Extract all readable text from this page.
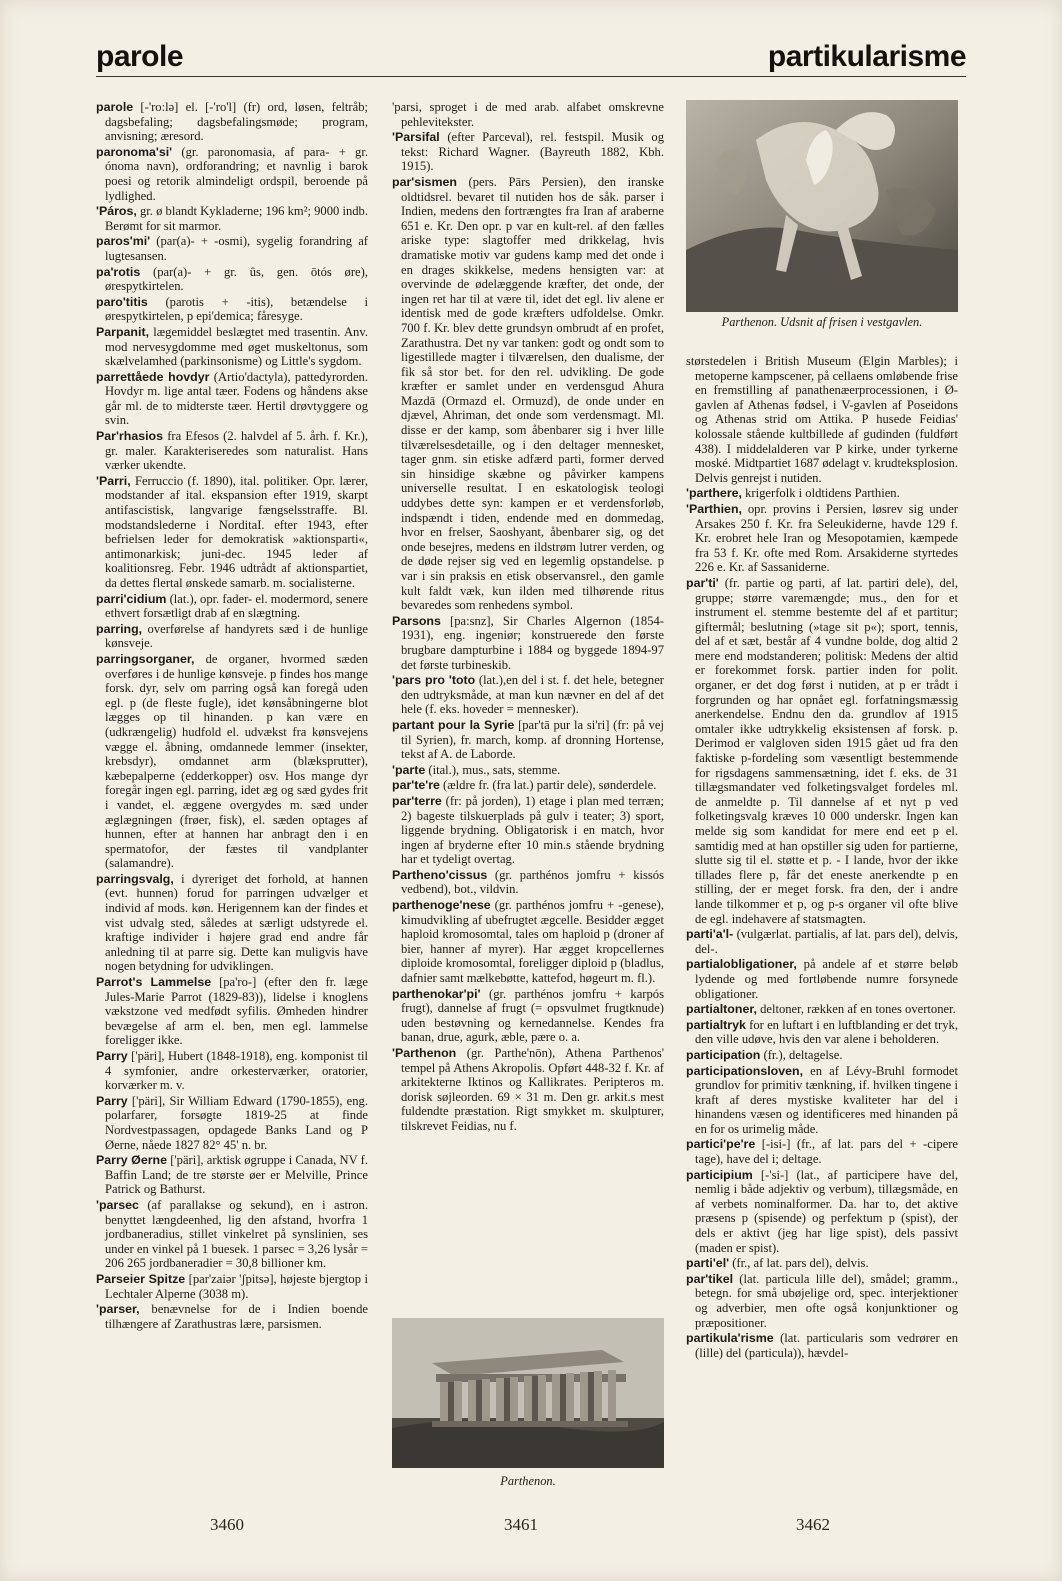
parole	partikularisme
parole [-'ro:lə] el. [-'ro'l] (fr) ord, løsen, feltråb; dagsbefaling; dagsbefalingsmøde; program, anvisning; æresord.
paronoma'si' (gr. paronomasia, af para- + gr. ónoma navn), ordforandring; et navnlig i barok poesi og retorik almindeligt ordspil, beroende på lydlighed.
'Páros, gr. ø blandt Kykladerne; 196 km²; 9000 indb. Berømt for sit marmor.
paros'mi' (par(a)- + -osmi), sygelig forandring af lugtesansen.
pa'rotis (par(a)- + gr. ûs, gen. ōtós øre), ørespytkirtelen.
paro'titis (parotis + -itis), betændelse i ørespytkirtelen, p epi'demica; fåresyge.
Parpanit, lægemiddel beslægtet med trasentin. Anv. mod nervesygdomme med øget muskeltonus, som skælvelamhed (parkinsonisme) og Little's sygdom.
parrettåede hovdyr (Artio'dactyla), pattedyrorden. Hovdyr m. lige antal tæer. Fodens og håndens akse går ml. de to midterste tæer. Hertil drøvtyggere og svin.
Par'rhasios fra Efesos (2. halvdel af 5. årh. f. Kr.), gr. maler. Karakteriseredes som naturalist. Hans værker ukendte.
'Parri, Ferruccio (f. 1890), ital. politiker. Opr. lærer, modstander af ital. ekspansion efter 1919, skarpt antifascistisk, langvarige fængselsstraffe. Bl. modstandslederne i NorditaI. efter 1943, efter befrielsen leder for demokratisk »aktionsparti«, antimonarkisk; juni-dec. 1945 leder af koalitionsreg. Febr. 1946 udtrådt af aktionspartiet, da dettes flertal ønskede samarb. m. socialisterne.
parri'cidium (lat.), opr. fader- el. modermord, senere ethvert forsætligt drab af en slægtning.
parring, overførelse af handyrets sæd i de hunlige kønsveje.
parringsorganer, de organer, hvormed sæden overføres i de hunlige kønsveje. p findes hos mange forsk. dyr, selv om parring også kan foregå uden egl. p (de fleste fugle), idet kønsåbningerne blot lægges op til hinanden. p kan være en (udkrængelig) hudfold el. udvækst fra kønsvejens vægge el. åbning, omdannede lemmer (insekter, krebsdyr), omdannet arm (blæksprutter), kæbepalperne (edderkopper) osv. Hos mange dyr foregår ingen egl. parring, idet æg og sæd gydes frit i vandet, el. æggene overgydes m. sæd under æglægningen (frøer, fisk), el. sæden optages af hunnen, efter at hannen har anbragt den i en spermatofor, der fæstes til vandplanter (salamandre).
parringsvalg, i dyreriget det forhold, at hannen (evt. hunnen) forud for parringen udvælger et individ af mods. køn. Herigennem kan der findes et vist udvalg sted, således at særligt udstyrede el. kraftige individer i højere grad end andre får anledning til at parre sig. Dette kan muligvis have nogen betydning for udviklingen.
Parrot's Lammelse [pa'ro-] (efter den fr. læge Jules-Marie Parrot (1829-83)), lidelse i knoglens vækstzone ved medfødt syfilis. Ømheden hindrer bevægelse af arm el. ben, men egl. lammelse foreligger ikke.
Parry ['päri], Hubert (1848-1918), eng. komponist til 4 symfonier, andre orkesterværker, oratorier, korværker m. v.
Parry ['päri], Sir William Edward (1790-1855), eng. polarfarer, forsøgte 1819-25 at finde Nordvestpassagen, opdagede Banks Land og P Øerne, nåede 1827 82° 45' n. br.
Parry Øerne ['päri], arktisk øgruppe i Canada, NV f. Baffin Land; de tre største øer er Melville, Prince Patrick og Bathurst.
'parsec (af parallakse og sekund), en i astron. benyttet længdeenhed, lig den afstand, hvorfra 1 jordbaneradius, stillet vinkelret på synslinien, ses under en vinkel på 1 buesek. 1 parsec = 3,26 lysår = 206 265 jordbaneradier = 30,8 billioner km.
Parseier Spitze [par'zaiər 'ʃpitsə], højeste bjergtop i Lechtaler Alperne (3038 m).
'parser, benævnelse for de i Indien boende tilhængere af Zarathustras lære, parsismen.
'parsi, sproget i de med arab. alfabet omskrevne pehlevitekster.
'Parsifal (efter Parceval), rel. festspil. Musik og tekst: Richard Wagner. (Bayreuth 1882, Kbh. 1915).
par'sismen (pers. Pārs Persien), den iranske oldtidsrel. bevaret til nutiden hos de såk. parser i Indien, medens den fortrængtes fra Iran af araberne 651 e. Kr. Den opr. p var en kult-rel. af den fælles ariske type: slagtoffer med drikkelag, hvis dramatiske motiv var gudens kamp med det onde i en drages skikkelse, medens hensigten var: at overvinde de ødelæggende kræfter, det onde, der ingen ret har til at være til, idet det egl. liv alene er identisk med de gode kræfters udfoldelse. Omkr. 700 f. Kr. blev dette grundsyn ombrudt af en profet, Zarathustra. Det ny var tanken: godt og ondt som to ligestillede magter i tilværelsen, den dualisme, der fik så stor bet. for den rel. udvikling. De gode kræfter er samlet under en verdensgud Ahura Mazdā (Ormazd el. Ormuzd), de onde under en djævel, Ahriman, det onde som verdensmagt. Ml. disse er der kamp, som åbenbarer sig i hver lille tilværelsesdetaille, og i den deltager mennesket, tager gnm. sin etiske adfærd parti, former derved sin hinsidige skæbne og påvirker kampens universelle resultat. I en eskatologisk teologi uddybes dette syn: kampen er et verdensforløb, indspændt i tiden, endende med en dommedag, hvor en frelser, Saoshyant, åbenbarer sig, og det onde besejres, medens en ildstrøm lutrer verden, og de døde rejser sig ved en legemlig opstandelse. p var i sin praksis en etisk observansrel., den gamle kult faldt væk, kun ilden med tilhørende ritus bevaredes som renhedens symbol.
Parsons [pa:snz], Sir Charles Algernon (1854-1931), eng. ingeniør; konstruerede den første brugbare dampturbine i 1884 og byggede 1894-97 det første turbineskib.
'pars pro 'toto (lat.),en del i st. f. det hele, betegner den udtryksmåde, at man kun nævner en del af det hele (f. eks. hoveder = mennesker).
partant pour la Syrie [par'tā pur la si'ri] (fr: på vej til Syrien), fr. march, komp. af dronning Hortense, tekst af A. de Laborde.
'parte (ital.), mus., sats, stemme.
par'te're (ældre fr. (fra lat.) partir dele), sønderdele.
par'terre (fr: på jorden), 1) etage i plan med terræn; 2) bageste tilskuerplads på gulv i teater; 3) sport, liggende brydning. Obligatorisk i en match, hvor ingen af bryderne efter 10 min.s stående brydning har et tydeligt overtag.
Partheno'cissus (gr. parthénos jomfru + kissós vedbend), bot., vildvin.
parthenoge'nese (gr. parthénos jomfru + -genese), kimudvikling af ubefrugtet ægcelle. Besidder ægget haploid kromosomtal, tales om haploid p (droner af bier, hanner af myrer). Har ægget kropcellernes diploide kromosomtal, foreligger diploid p (bladlus, dafnier samt mælkebøtte, kattefod, høgeurt m. fl.).
parthenokar'pi' (gr. parthénos jomfru + karpós frugt), dannelse af frugt (= opsvulmet frugtknude) uden bestøvning og kernedannelse. Kendes fra banan, drue, agurk, æble, pære o. a.
'Parthenon (gr. Parthe'nōn), Athena Parthenos' tempel på Athens Akropolis. Opført 448-32 f. Kr. af arkitekterne Iktinos og Kallikrates. Peripteros m. dorisk søjleorden. 69 × 31 m. Den gr. arkit.s mest fuldendte præstation. Rigt smykket m. skulpturer, tilskrevet Feidias, nu f.
størstedelen i British Museum (Elgin Marbles); i metoperne kampscener, på cellaens omløbende frise en fremstilling af panathenæerprocessionen, i Ø-gavlen af Athenas fødsel, i V-gavlen af Poseidons og Athenas strid om Attika. P husede Feidias' kolossale stående kultbillede af gudinden (fuldført 438). I middelalderen var P kirke, under tyrkerne moské. Midtpartiet 1687 ødelagt v. krudteksplosion. Delvis genrejst i nutiden.
'parthere, krigerfolk i oldtidens Parthien.
'Parthien, opr. provins i Persien, løsrev sig under Arsakes 250 f. Kr. fra Seleukiderne, havde 129 f. Kr. erobret hele Iran og Mesopotamien, kæmpede fra 53 f. Kr. ofte med Rom. Arsakiderne styrtedes 226 e. Kr. af Sassaniderne.
par'ti' (fr. partie og parti, af lat. partiri dele), del, gruppe; større varemængde; mus., den for et instrument el. stemme bestemte del af et partitur; giftermål; beslutning (»tage sit p«); sport, tennis, del af et sæt, består af 4 vundne bolde, dog altid 2 mere end modstanderen; politisk: Medens der altid er forekommet forsk. partier inden for polit. organer, er det dog først i nutiden, at p er trådt i forgrunden og har opnået egl. forfatningsmæssig anerkendelse. Endnu den da. grundlov af 1915 omtaler ikke udtrykkelig eksistensen af forsk. p. Derimod er valgloven siden 1915 gået ud fra den faktiske p-fordeling som væsentligt bestemmende for rigsdagens sammensætning, idet f. eks. de 31 tillægsmandater ved folketingsvalget fordeles ml. de anmeldte p. Til dannelse af et nyt p ved folketingsvalg kræves 10 000 underskr. Ingen kan melde sig som kandidat for mere end eet p el. samtidig med at han opstiller sig uden for partierne, slutte sig til el. støtte et p. - I lande, hvor der ikke tillades flere p, får det eneste anerkendte p en stilling, der er meget forsk. fra den, der i andre lande tilkommer et p, og p-s organer vil ofte blive de egl. indehavere af statsmagten.
parti'a'l- (vulgærlat. partialis, af lat. pars del), delvis, del-.
partialobligationer, på andele af et større beløb lydende og med fortløbende numre forsynede obligationer.
partialtoner, deltoner, rækken af en tones overtoner.
partialtryk for en luftart i en luftblanding er det tryk, den ville udøve, hvis den var alene i beholderen.
participation (fr.), deltagelse.
participationsloven, en af Lévy-Bruhl formodet grundlov for primitiv tænkning, if. hvilken tingene i kraft af deres mystiske kvaliteter har del i hinandens væsen og identificeres med hinanden på en for os urimelig måde.
partici'pe're [-isi-] (fr., af lat. pars del + -cipere tage), have del i; deltage.
participium [-'si-] (lat., af participere have del, nemlig i både adjektiv og verbum), tillægsmåde, en af verbets nominalformer. Da. har to, det aktive præsens p (spisende) og perfektum p (spist), der dels er aktivt (jeg har lige spist), dels passivt (maden er spist).
parti'el' (fr., af lat. pars del), delvis.
par'tikel (lat. particula lille del), smådel; gramm., betegn. for små ubøjelige ord, spec. interjektioner og adverbier, men ofte også konjunktioner og præpositioner.
partikula'risme (lat. particularis som vedrører en (lille) del (particula)), hævdel-
Parthenon. Udsnit af frisen i vestgavlen.
Parthenon.
3460	3461	3462
